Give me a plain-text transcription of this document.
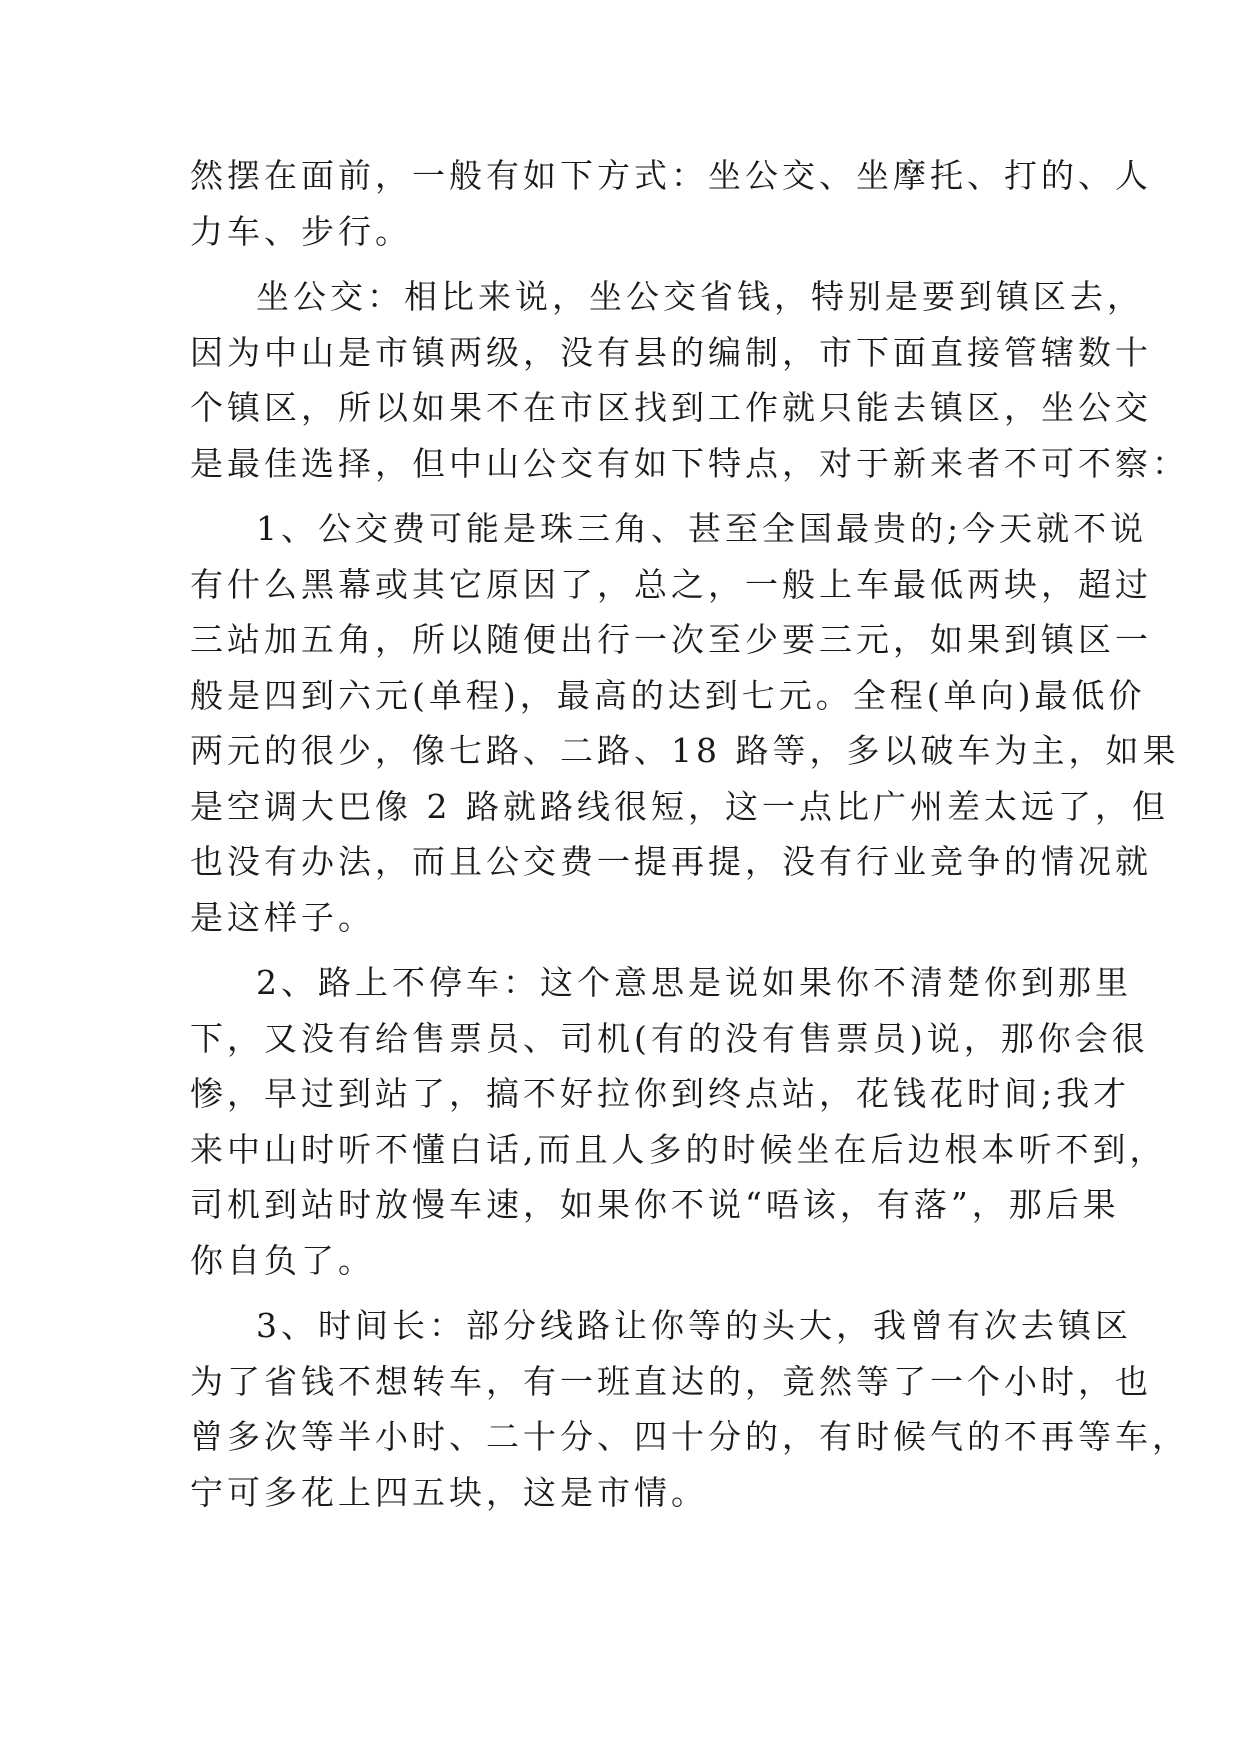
然摆在面前，一般有如下方式：坐公交、坐摩托、打的、人
力车、步行。
坐公交：相比来说，坐公交省钱，特别是要到镇区去，
因为中山是市镇两级，没有县的编制，市下面直接管辖数十
个镇区，所以如果不在市区找到工作就只能去镇区，坐公交
是最佳选择，但中山公交有如下特点，对于新来者不可不察：
1、公交费可能是珠三角、甚至全国最贵的;今天就不说
有什么黑幕或其它原因了，总之，一般上车最低两块，超过
三站加五角，所以随便出行一次至少要三元，如果到镇区一
般是四到六元(单程)，最高的达到七元。全程(单向)最低价
两元的很少，像七路、二路、18 路等，多以破车为主，如果
是空调大巴像 2 路就路线很短，这一点比广州差太远了，但
也没有办法，而且公交费一提再提，没有行业竞争的情况就
是这样子。
2、路上不停车：这个意思是说如果你不清楚你到那里
下，又没有给售票员、司机(有的没有售票员)说，那你会很
惨，早过到站了，搞不好拉你到终点站，花钱花时间;我才
来中山时听不懂白话,而且人多的时候坐在后边根本听不到，
司机到站时放慢车速，如果你不说“唔该，有落”，那后果
你自负了。
3、时间长：部分线路让你等的头大，我曾有次去镇区
为了省钱不想转车，有一班直达的，竟然等了一个小时，也
曾多次等半小时、二十分、四十分的，有时候气的不再等车，
宁可多花上四五块，这是市情。
